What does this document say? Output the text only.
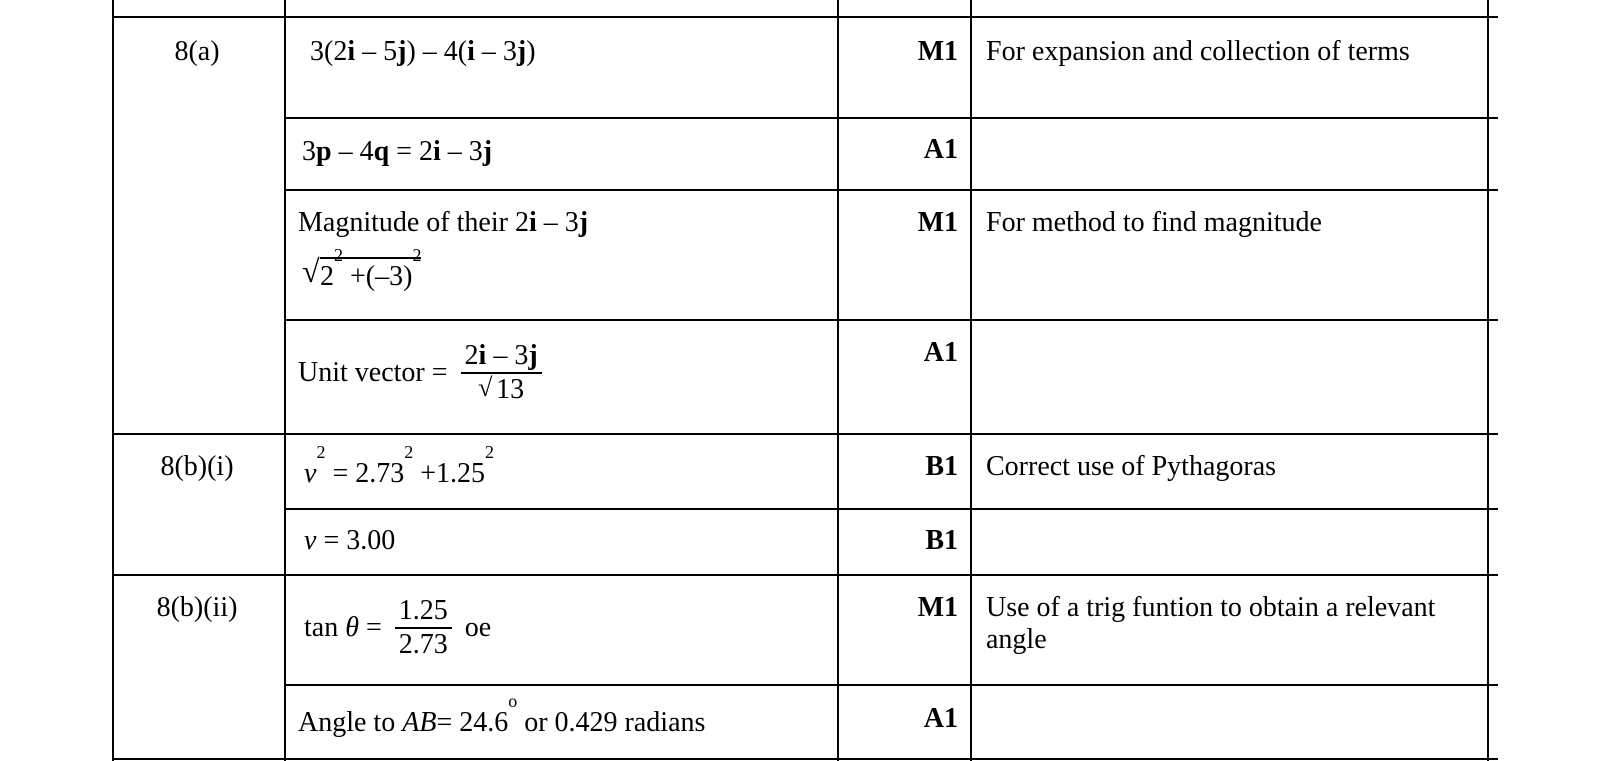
8(a)
8(b)(i)
8(b)(ii)
3(2i – 5j) – 4(i – 3j)
3p – 4q = 2i – 3j
Magnitude of their 2i – 3j
√ $2^2 +(-3)^2$
Unit vector = $\frac{2i - 3j}{√ 13}$
$v^2 = 2.73^2 +1.25^2$
v = 3.00
$\tan \theta = \frac{1.25}{2.73}$ oe
Angle to $AB= 24.6^o$ or 0.429 radians
M1
A1
M1
A1
B1
B1
M1
A1
For expansion and collection of terms
For method to find magnitude
Correct use of Pythagoras
Use of a trig funtion to obtain a relevant angle
